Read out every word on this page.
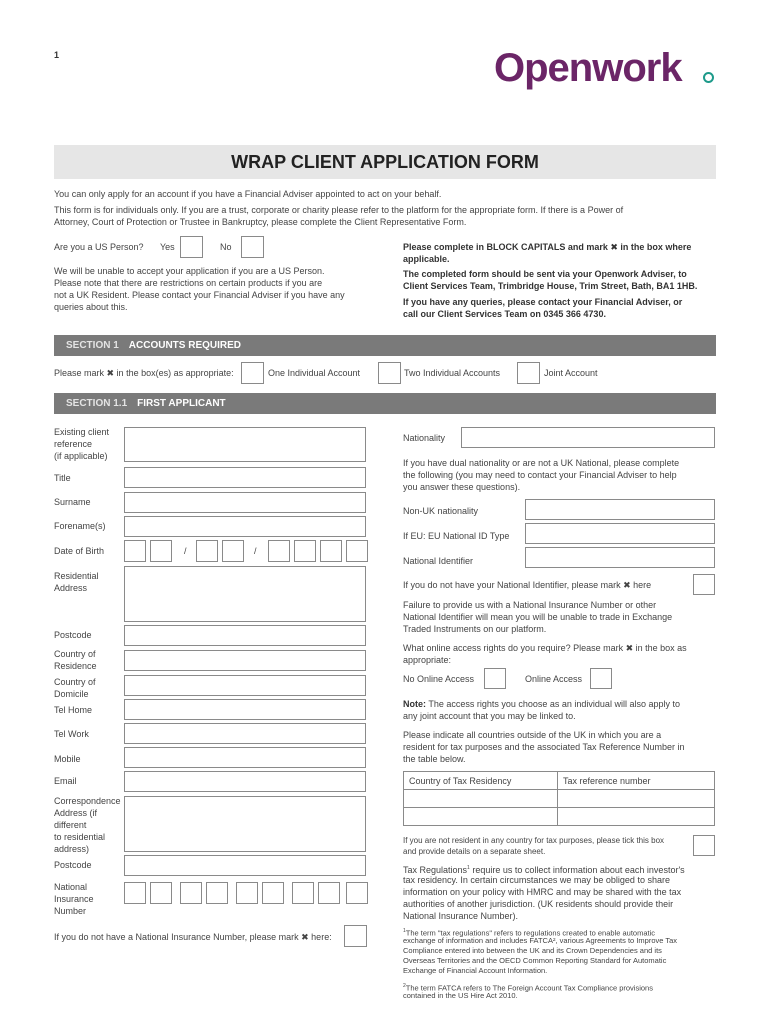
1	Openwork
WRAP CLIENT APPLICATION FORM
You can only apply for an account if you have a Financial Adviser appointed to act on your behalf.
This form is for individuals only. If you are a trust, corporate or charity please refer to the platform for the appropriate form. If there is a Power of
Attorney, Court of Protection or Trustee in Bankruptcy, please complete the Client Representative Form.
Are you a US Person? Yes	No
We will be unable to accept your application if you are a US Person.
Please note that there are restrictions on certain products if you are
not a UK Resident. Please contact your Financial Adviser if you have any
queries about this.
Please complete in BLOCK CAPITALS and mark ✖ in the box where
applicable.
The completed form should be sent via your Openwork Adviser, to
Client Services Team, Trimbridge House, Trim Street, Bath, BA1 1HB.
If you have any queries, please contact your Financial Adviser, or
call our Client Services Team on 0345 366 4730.
SECTION 1 ACCOUNTS REQUIRED
Please mark ✖ in the box(es) as appropriate:	One Individual Account	Two Individual Accounts	Joint Account
SECTION 1.1 FIRST APPLICANT
Existing client
reference
(if applicable)
Title
Surname
Forename(s)
Date of Birth	/	/
Residential
Address
Postcode
Country of
Residence
Country of
Domicile
Tel Home
Tel Work
Mobile
Email
Correspondence
Address (if
different
to residential
address)
Postcode
National
Insurance
Number
If you do not have a National Insurance Number, please mark ✖ here:
Nationality
If you have dual nationality or are not a UK National, please complete
the following (you may need to contact your Financial Adviser to help
you answer these questions).
Non-UK nationality
If EU: EU National ID Type
National Identifier
If you do not have your National Identifier, please mark ✖ here
Failure to provide us with a National Insurance Number or other
National Identifier will mean you will be unable to trade in Exchange
Traded Instruments on our platform.
What online access rights do you require? Please mark ✖ in the box as
appropriate:
No Online Access	Online Access
Note: The access rights you choose as an individual will also apply to
any joint account that you may be linked to.
Please indicate all countries outside of the UK in which you are a
resident for tax purposes and the associated Tax Reference Number in
the table below.
Country of Tax Residency	Tax reference number

If you are not resident in any country for tax purposes, please tick this box
and provide details on a separate sheet.
Tax Regulations$^1$ require us to collect information about each investor's
tax residency. In certain circumstances we may be obliged to share
information on your policy with HMRC and may be shared with the tax
authorities of another jurisdiction. (UK residents should provide their
National Insurance Number).
$^1$The term "tax regulations" refers to regulations created to enable automatic
exchange of information and includes FATCA², various Agreements to Improve Tax
Compliance entered into between the UK and its Crown Dependencies and its
Overseas Territories and the OECD Common Reporting Standard for Automatic
Exchange of Financial Account Information.
$^2$The term FATCA refers to The Foreign Account Tax Compliance provisions
contained in the US Hire Act 2010.
